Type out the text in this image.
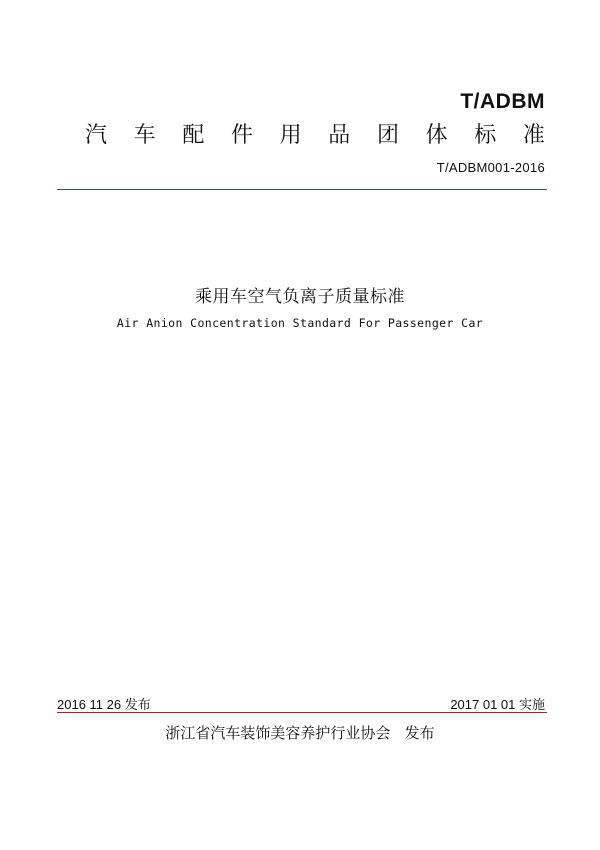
T/ADBM
汽 车 配 件 用 品 团 体 标 准
T/ADBM001-2016
乘用车空气负离子质量标准
Air Anion Concentration Standard For Passenger Car
2016 11 26 发布	2017 01 01 实施
浙江省汽车装饰美容养护行业协会   发布
